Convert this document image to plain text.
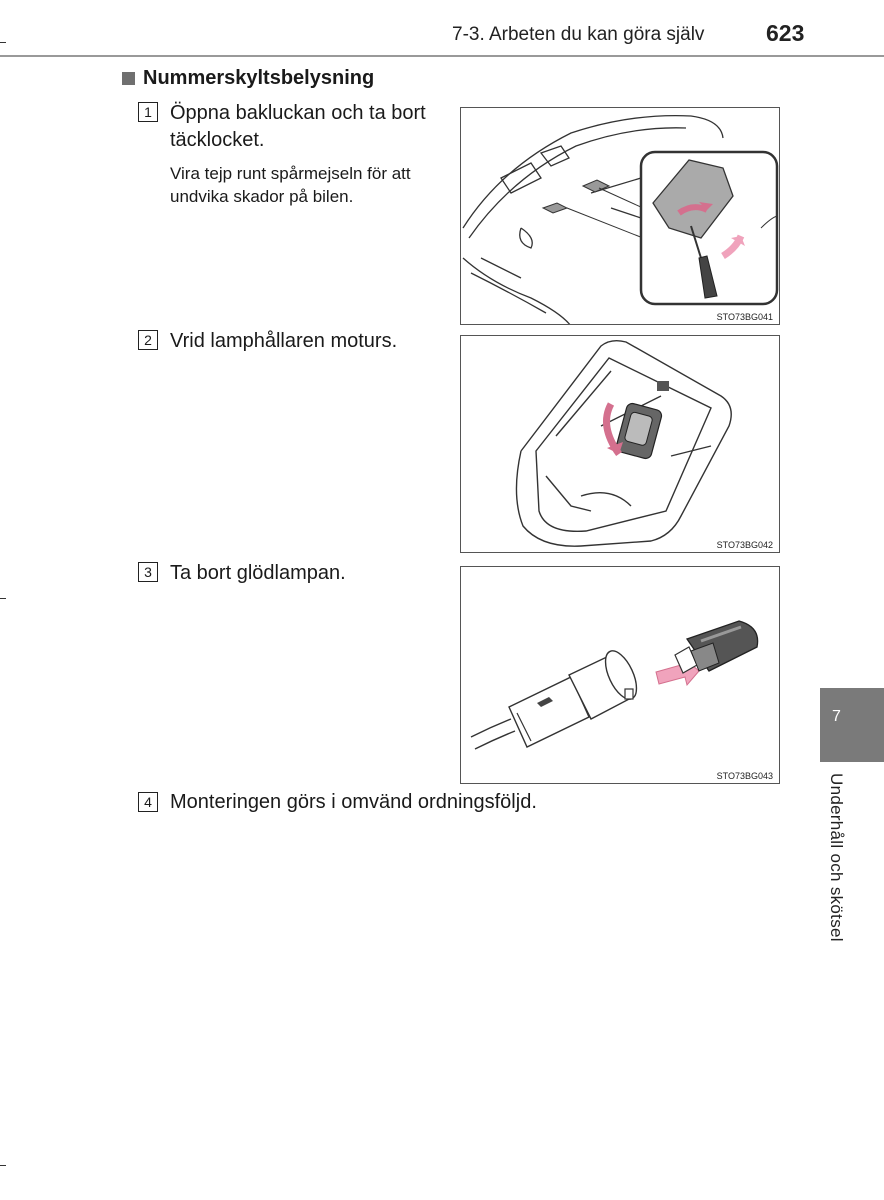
7-3. Arbeten du kan göra själv	623
Nummerskyltsbelysning
1 Öppna bakluckan och ta bort
täcklocket.
Vira tejp runt spårmejseln för att
undvika skador på bilen.
STO73BG041
2 Vrid lamphållaren moturs.
STO73BG042
3 Ta bort glödlampan.
STO73BG043
4 Monteringen görs i omvänd ordningsföljd.
7
Underhåll och skötsel
